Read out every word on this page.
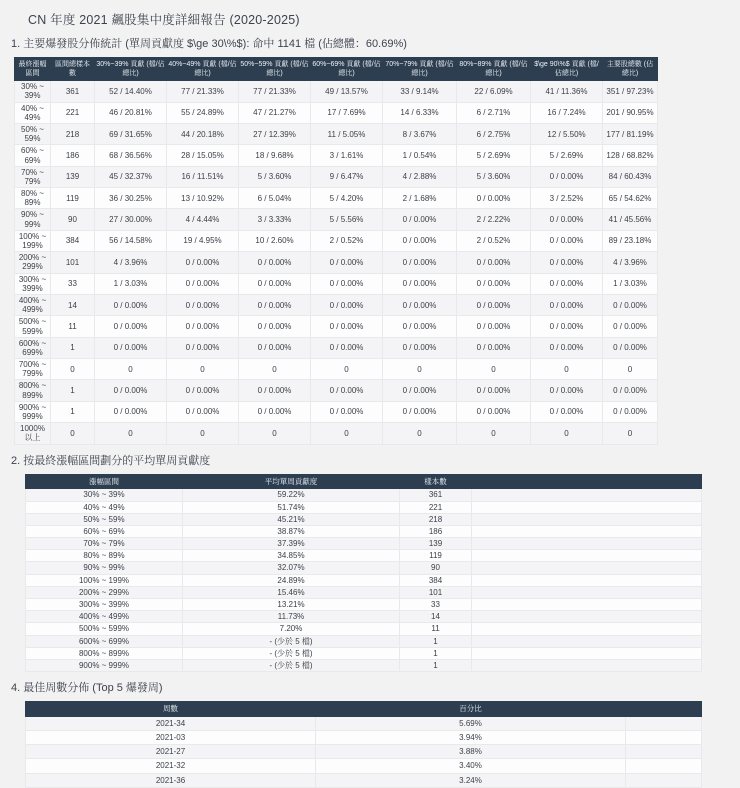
CN 年度 2021 飆股集中度詳細報告 (2020-2025)
1. 主要爆發股分佈統計 (單周貢獻度 $\ge 30\%$): 命中 1141 檔 (佔總體：60.69%)
最終漲幅區間	區間總樣本數	30%~39% 貢獻 (檔/佔總比)	40%~49% 貢獻 (檔/佔總比)	50%~59% 貢獻 (檔/佔總比)	60%~69% 貢獻 (檔/佔總比)	70%~79% 貢獻 (檔/佔總比)	80%~89% 貢獻 (檔/佔總比)	$\ge 90\%$ 貢獻 (檔/佔總比)	主要股總數 (佔總比)
30% ~ 39%	361	52 / 14.40%	77 / 21.33%	77 / 21.33%	49 / 13.57%	33 / 9.14%	22 / 6.09%	41 / 11.36%	351 / 97.23%
40% ~ 49%	221	46 / 20.81%	55 / 24.89%	47 / 21.27%	17 / 7.69%	14 / 6.33%	6 / 2.71%	16 / 7.24%	201 / 90.95%
50% ~ 59%	218	69 / 31.65%	44 / 20.18%	27 / 12.39%	11 / 5.05%	8 / 3.67%	6 / 2.75%	12 / 5.50%	177 / 81.19%
60% ~ 69%	186	68 / 36.56%	28 / 15.05%	18 / 9.68%	3 / 1.61%	1 / 0.54%	5 / 2.69%	5 / 2.69%	128 / 68.82%
70% ~ 79%	139	45 / 32.37%	16 / 11.51%	5 / 3.60%	9 / 6.47%	4 / 2.88%	5 / 3.60%	0 / 0.00%	84 / 60.43%
80% ~ 89%	119	36 / 30.25%	13 / 10.92%	6 / 5.04%	5 / 4.20%	2 / 1.68%	0 / 0.00%	3 / 2.52%	65 / 54.62%
90% ~ 99%	90	27 / 30.00%	4 / 4.44%	3 / 3.33%	5 / 5.56%	0 / 0.00%	2 / 2.22%	0 / 0.00%	41 / 45.56%
100% ~ 199%	384	56 / 14.58%	19 / 4.95%	10 / 2.60%	2 / 0.52%	0 / 0.00%	2 / 0.52%	0 / 0.00%	89 / 23.18%
200% ~ 299%	101	4 / 3.96%	0 / 0.00%	0 / 0.00%	0 / 0.00%	0 / 0.00%	0 / 0.00%	0 / 0.00%	4 / 3.96%
300% ~ 399%	33	1 / 3.03%	0 / 0.00%	0 / 0.00%	0 / 0.00%	0 / 0.00%	0 / 0.00%	0 / 0.00%	1 / 3.03%
400% ~ 499%	14	0 / 0.00%	0 / 0.00%	0 / 0.00%	0 / 0.00%	0 / 0.00%	0 / 0.00%	0 / 0.00%	0 / 0.00%
500% ~ 599%	11	0 / 0.00%	0 / 0.00%	0 / 0.00%	0 / 0.00%	0 / 0.00%	0 / 0.00%	0 / 0.00%	0 / 0.00%
600% ~ 699%	1	0 / 0.00%	0 / 0.00%	0 / 0.00%	0 / 0.00%	0 / 0.00%	0 / 0.00%	0 / 0.00%	0 / 0.00%
700% ~ 799%	0	0	0	0	0	0	0	0	0
800% ~ 899%	1	0 / 0.00%	0 / 0.00%	0 / 0.00%	0 / 0.00%	0 / 0.00%	0 / 0.00%	0 / 0.00%	0 / 0.00%
900% ~ 999%	1	0 / 0.00%	0 / 0.00%	0 / 0.00%	0 / 0.00%	0 / 0.00%	0 / 0.00%	0 / 0.00%	0 / 0.00%
1000% 以上	0	0	0	0	0	0	0	0	0
2. 按最終漲幅區間劃分的平均單周貢獻度
漲幅區間	平均單周貢獻度	樣本數	
30% ~ 39%	59.22%	361	
40% ~ 49%	51.74%	221	
50% ~ 59%	45.21%	218	
60% ~ 69%	38.87%	186	
70% ~ 79%	37.39%	139	
80% ~ 89%	34.85%	119	
90% ~ 99%	32.07%	90	
100% ~ 199%	24.89%	384	
200% ~ 299%	15.46%	101	
300% ~ 399%	13.21%	33	
400% ~ 499%	11.73%	14	
500% ~ 599%	7.20%	11	
600% ~ 699%	- (少於 5 檔)	1	
800% ~ 899%	- (少於 5 檔)	1	
900% ~ 999%	- (少於 5 檔)	1	
4. 最佳周數分佈 (Top 5 爆發周)
周數	百分比	
2021-34	5.69%	
2021-03	3.94%	
2021-27	3.88%	
2021-32	3.40%	
2021-36	3.24%	
